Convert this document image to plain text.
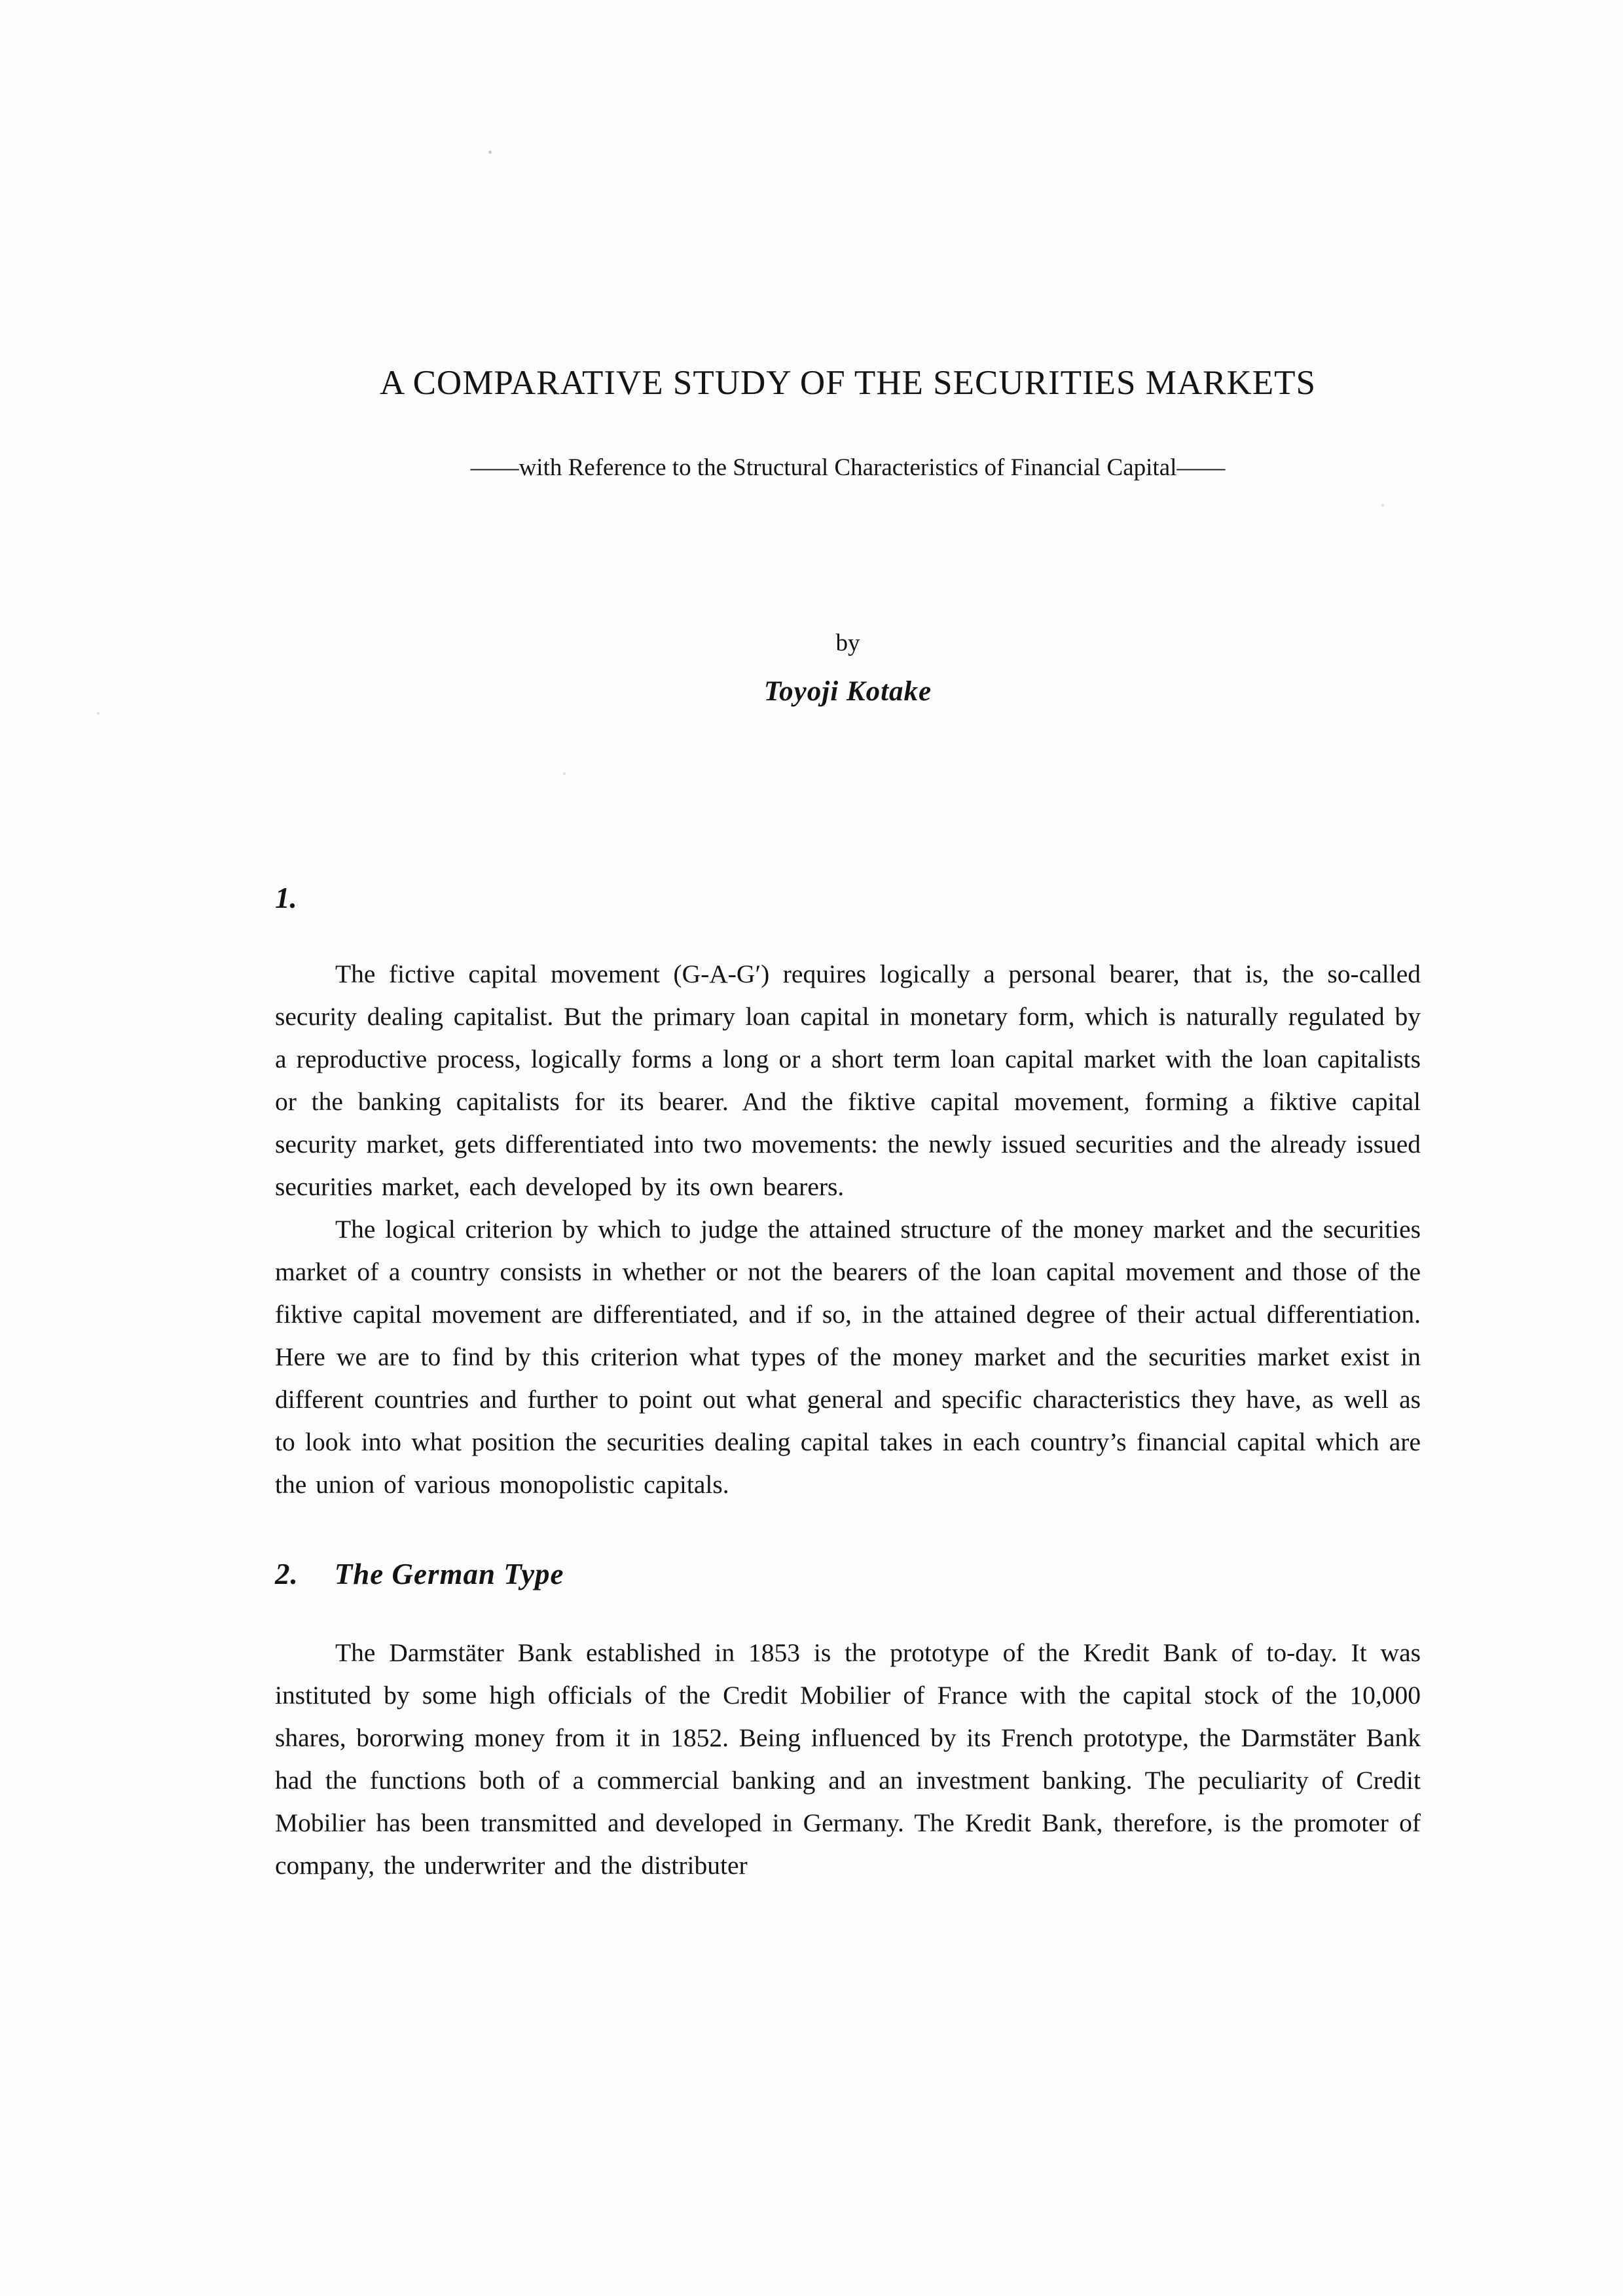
A COMPARATIVE STUDY OF THE SECURITIES MARKETS
——with Reference to the Structural Characteristics of Financial Capital——
by
Toyoji Kotake
1.

The fictive capital movement (G-A-G′) requires logically a personal bearer, that is, the so-called security dealing capitalist. But the primary loan capital in monetary form, which is naturally regulated by a reproductive process, logically forms a long or a short term loan capital market with the loan capitalists or the banking capitalists for its bearer. And the fiktive capital movement, forming a fiktive capital security market, gets differentiated into two movements: the newly issued securities and the already issued securities market, each developed by its own bearers.

The logical criterion by which to judge the attained structure of the money market and the securities market of a country consists in whether or not the bearers of the loan capital movement and those of the fiktive capital movement are differentiated, and if so, in the attained degree of their actual differentiation. Here we are to find by this criterion what types of the money market and the securities market exist in different countries and further to point out what general and specific characteristics they have, as well as to look into what position the securities dealing capital takes in each country’s financial capital which are the union of various monopolistic capitals.

2. The German Type

The Darmstäter Bank established in 1853 is the prototype of the Kredit Bank of to-day. It was instituted by some high officials of the Credit Mobilier of France with the capital stock of the 10,000 shares, bororwing money from it in 1852. Being influenced by its French prototype, the Darmstäter Bank had the functions both of a commercial banking and an investment banking. The peculiarity of Credit Mobilier has been transmitted and developed in Germany. The Kredit Bank, therefore, is the promoter of company, the underwriter and the distributer
